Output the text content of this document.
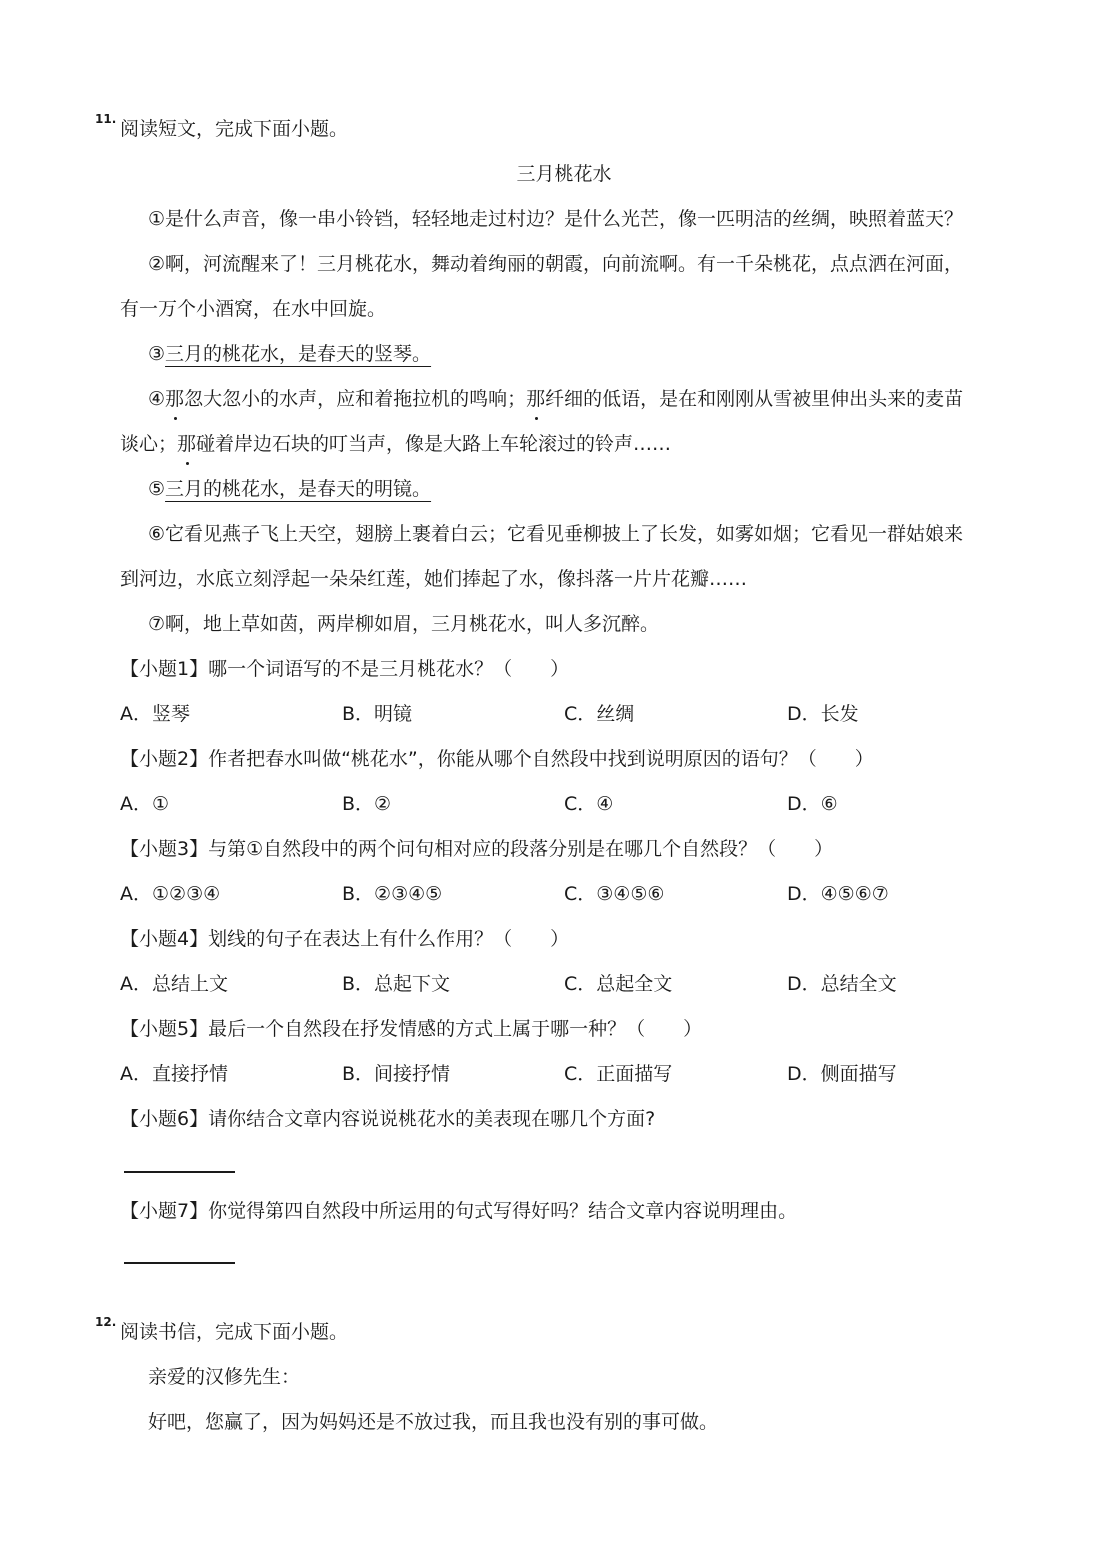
11. 阅读短文，完成下面小题。
三月桃花水
①是什么声音，像一串小铃铛，轻轻地走过村边？是什么光芒，像一匹明洁的丝绸，映照着蓝天？
②啊，河流醒来了！三月桃花水，舞动着绚丽的朝霞，向前流啊。有一千朵桃花，点点洒在河面，
有一万个小酒窝，在水中回旋。
③三月的桃花水，是春天的竖琴。
④那忽大忽小的水声，应和着拖拉机的鸣响；那纤细的低语，是在和刚刚从雪被里伸出头来的麦苗
谈心；那碰着岸边石块的叮当声，像是大路上车轮滚过的铃声……
⑤三月的桃花水，是春天的明镜。
⑥它看见燕子飞上天空，翅膀上裹着白云；它看见垂柳披上了长发，如雾如烟；它看见一群姑娘来
到河边，水底立刻浮起一朵朵红莲，她们捧起了水，像抖落一片片花瓣……
⑦啊，地上草如茵，两岸柳如眉，三月桃花水，叫人多沉醉。
【小题1】哪一个词语写的不是三月桃花水？（　　）
A．竖琴	B．明镜	C．丝绸	D．长发
【小题2】作者把春水叫做“桃花水”，你能从哪个自然段中找到说明原因的语句？（　　）
A．①	B．②	C．④	D．⑥
【小题3】与第①自然段中的两个问句相对应的段落分别是在哪几个自然段？（　　）
A．①②③④	B．②③④⑤	C．③④⑤⑥	D．④⑤⑥⑦
【小题4】划线的句子在表达上有什么作用？（　　）
A．总结上文	B．总起下文	C．总起全文	D．总结全文
【小题5】最后一个自然段在抒发情感的方式上属于哪一种？（　　）
A．直接抒情	B．间接抒情	C．正面描写	D．侧面描写
【小题6】请你结合文章内容说说桃花水的美表现在哪几个方面?
【小题7】你觉得第四自然段中所运用的句式写得好吗？结合文章内容说明理由。
12. 阅读书信，完成下面小题。
亲爱的汉修先生：
好吧，您赢了，因为妈妈还是不放过我，而且我也没有别的事可做。
